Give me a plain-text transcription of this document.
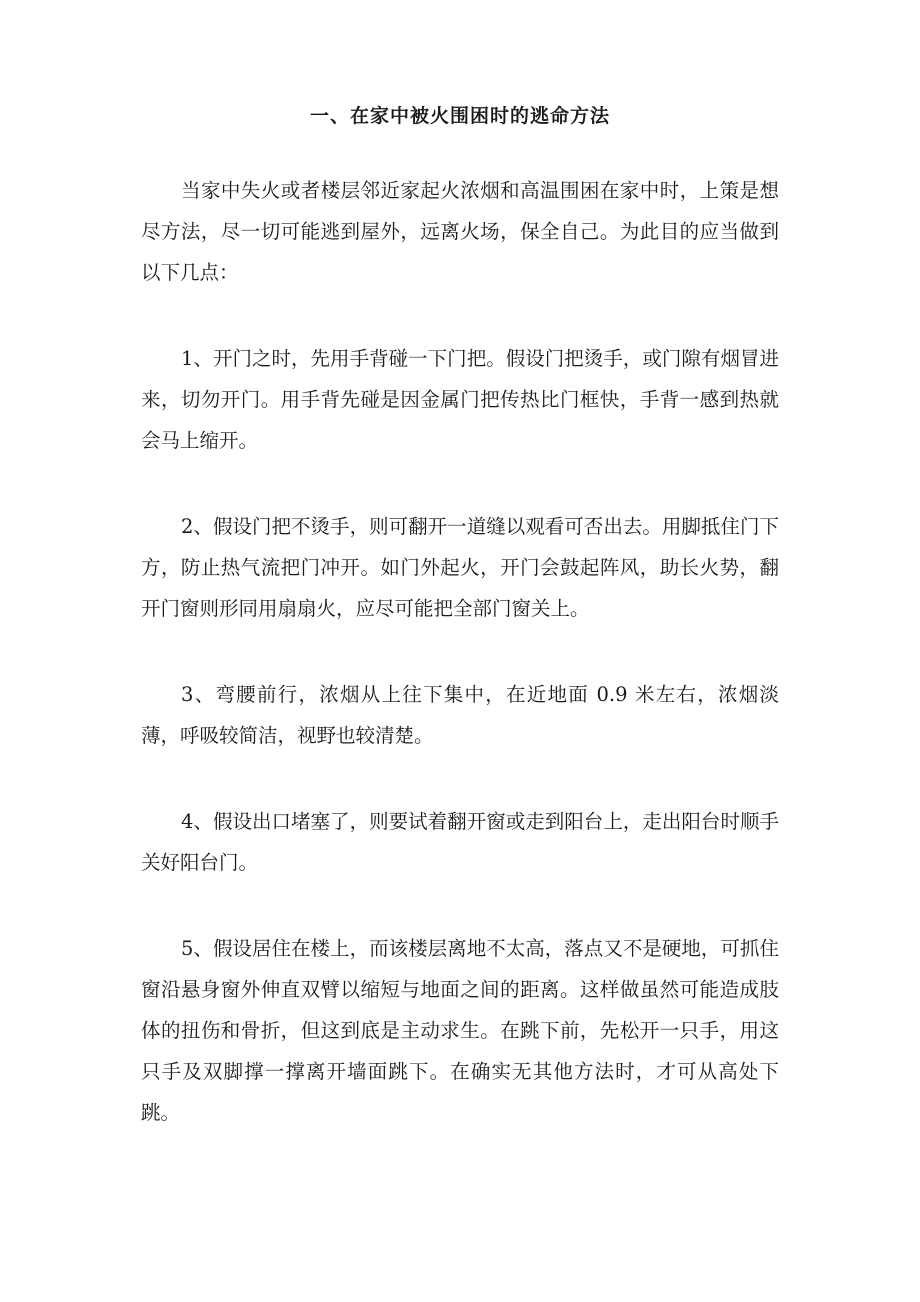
一、在家中被火围困时的逃命方法

当家中失火或者楼层邻近家起火浓烟和高温围困在家中时，上策是想尽方法，尽一切可能逃到屋外，远离火场，保全自己。为此目的应当做到以下几点：

1、开门之时，先用手背碰一下门把。假设门把烫手，或门隙有烟冒进来，切勿开门。用手背先碰是因金属门把传热比门框快，手背一感到热就会马上缩开。

2、假设门把不烫手，则可翻开一道缝以观看可否出去。用脚抵住门下方，防止热气流把门冲开。如门外起火，开门会鼓起阵风，助长火势，翻开门窗则形同用扇扇火，应尽可能把全部门窗关上。

3、弯腰前行，浓烟从上往下集中，在近地面 0.9 米左右，浓烟淡薄，呼吸较简洁，视野也较清楚。

4、假设出口堵塞了，则要试着翻开窗或走到阳台上，走出阳台时顺手关好阳台门。

5、假设居住在楼上，而该楼层离地不太高，落点又不是硬地，可抓住窗沿悬身窗外伸直双臂以缩短与地面之间的距离。这样做虽然可能造成肢体的扭伤和骨折，但这到底是主动求生。在跳下前，先松开一只手，用这只手及双脚撑一撑离开墙面跳下。在确实无其他方法时，才可从高处下跳。
